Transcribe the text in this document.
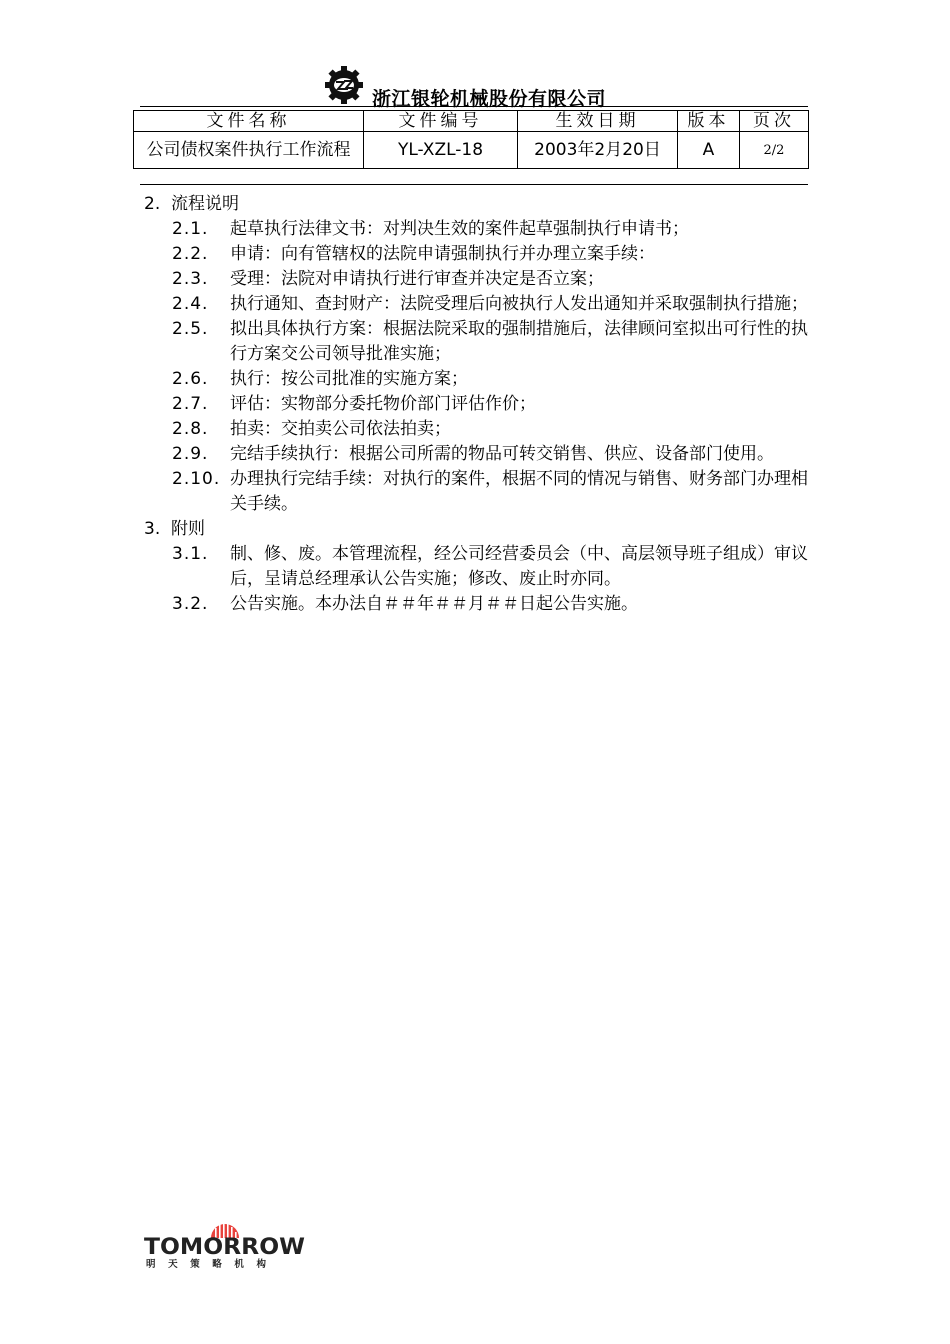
浙江银轮机械股份有限公司
文件名称	文件编号	生效日期	版本	页次
公司债权案件执行工作流程	YL-XZL-18	2003年2月20日	A	2/2
2. 流程说明
2.1. 起草执行法律文书：对判决生效的案件起草强制执行申请书；
2.2. 申请：向有管辖权的法院申请强制执行并办理立案手续：
2.3. 受理：法院对申请执行进行审查并决定是否立案；
2.4. 执行通知、查封财产：法院受理后向被执行人发出通知并采取强制执行措施；
2.5. 拟出具体执行方案：根据法院采取的强制措施后，法律顾问室拟出可行性的执行方案交公司领导批准实施；
2.6. 执行：按公司批准的实施方案；
2.7. 评估：实物部分委托物价部门评估作价；
2.8. 拍卖：交拍卖公司依法拍卖；
2.9. 完结手续执行：根据公司所需的物品可转交销售、供应、设备部门使用。
2.10. 办理执行完结手续：对执行的案件，根据不同的情况与销售、财务部门办理相关手续。
3. 附则
3.1. 制、修、废。本管理流程，经公司经营委员会（中、高层领导班子组成）审议后，呈请总经理承认公告实施；修改、废止时亦同。
3.2. 公告实施。本办法自＃＃年＃＃月＃＃日起公告实施。
TOMORROW
明天策略机构
